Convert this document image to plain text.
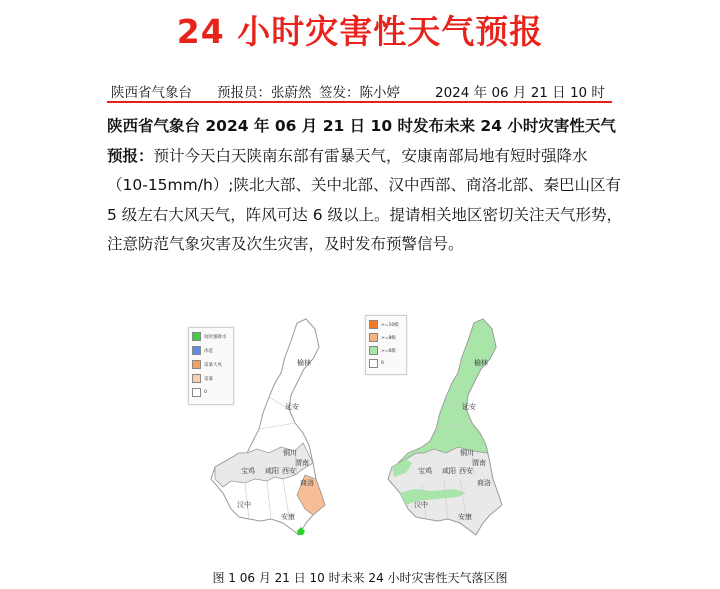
24 小时灾害性天气预报
陕西省气象台 预报员：张蔚然 签发：陈小婷	2024 年 06 月 21 日 10 时

陕西省气象台 2024 年 06 月 21 日 10 时发布未来 24 小时灾害性天气预报：预计今天白天陕南东部有雷暴天气，安康南部局地有短时强降水（10-15mm/h）;陕北大部、关中北部、汉中西部、商洛北部、秦巴山区有 5 级左右大风天气，阵风可达 6 级以上。提请相关地区密切关注天气形势，注意防范气象灾害及次生灾害，及时发布预警信号。

榆林
延安
铜川
渭南
宝鸡 咸阳 西安
商洛
汉中
安康
短时强降水
冰雹
雷暴大风
雷暴
0
榆林
延安
铜川
渭南
宝鸡 咸阳 西安
商洛
汉中
安康
>=10级
>=8级
>=6级
0
图 1 06 月 21 日 10 时未来 24 小时灾害性天气落区图
